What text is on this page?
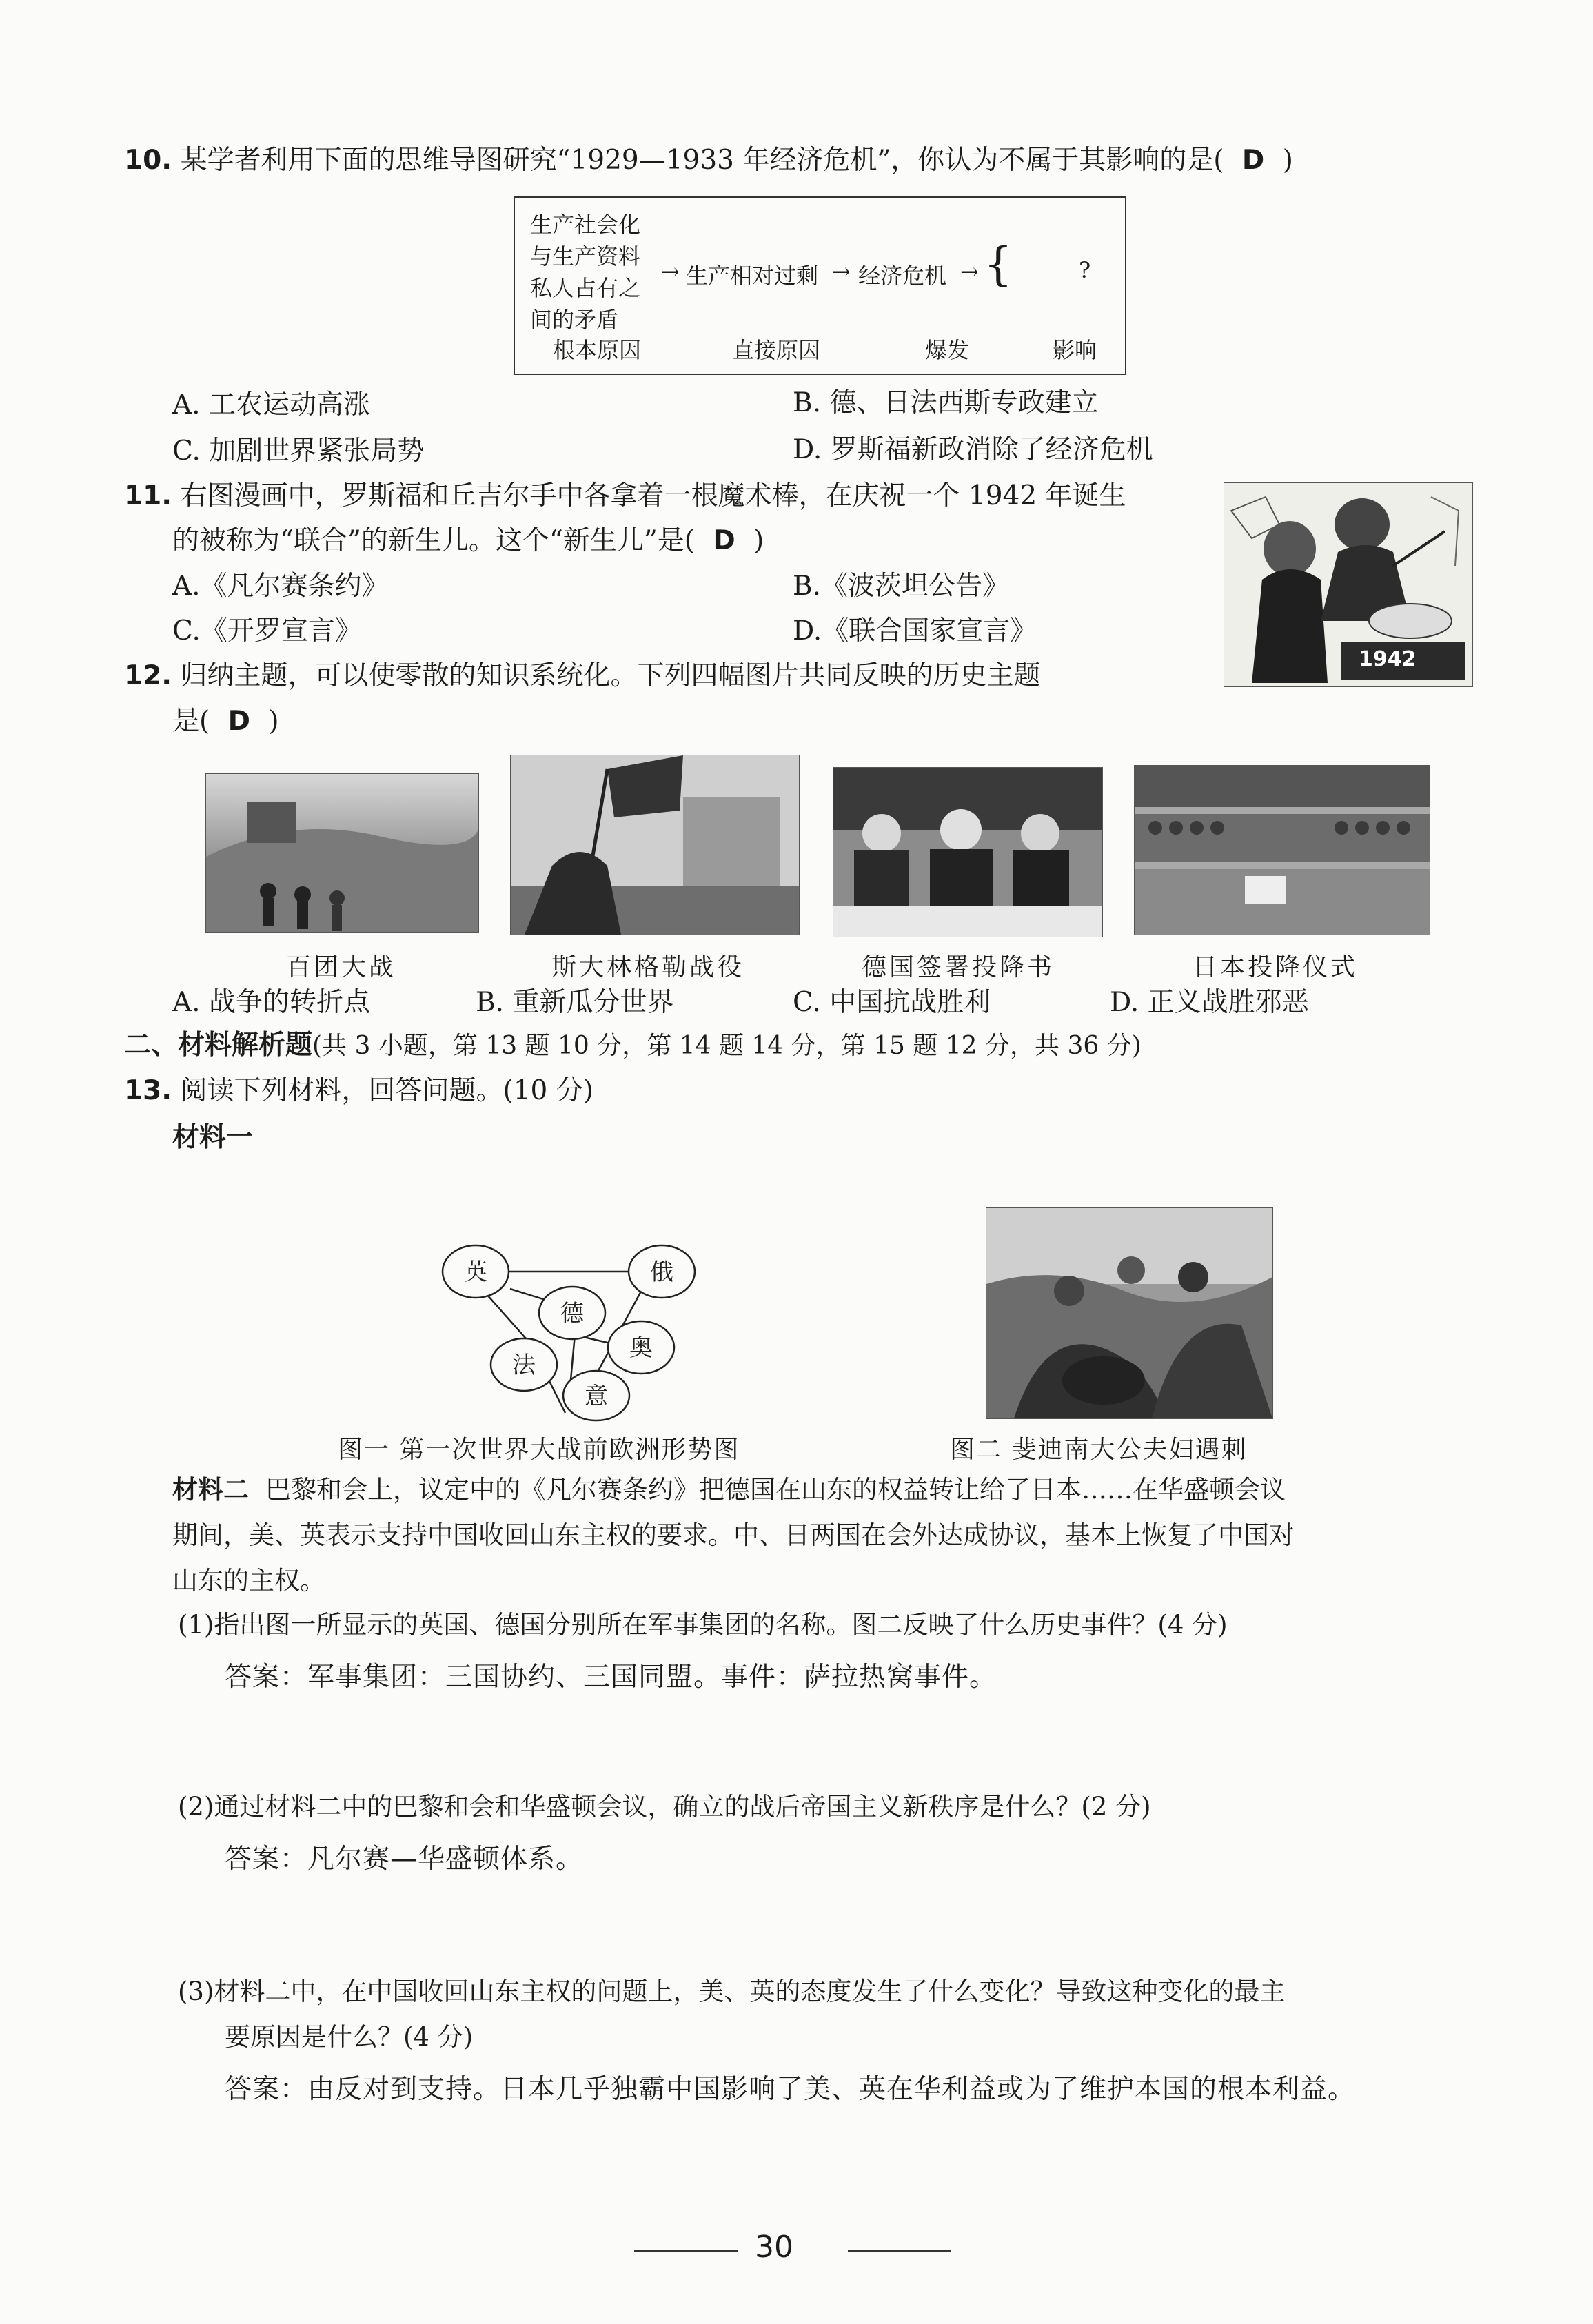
10. 某学者利用下面的思维导图研究“1929—1933 年经济危机”，你认为不属于其影响的是( D )
生产社会化
与生产资料
私人占有之
间的矛盾
→ 生产相对过剩 → 经济危机 → {	?
根本原因	直接原因	爆发	影响
A. 工农运动高涨	B. 德、日法西斯专政建立
C. 加剧世界紧张局势	D. 罗斯福新政消除了经济危机
11. 右图漫画中，罗斯福和丘吉尔手中各拿着一根魔术棒，在庆祝一个 1942 年诞生
的被称为“联合”的新生儿。这个“新生儿”是( D )
A.《凡尔赛条约》	B.《波茨坦公告》
C.《开罗宣言》	D.《联合国家宣言》
1942
12. 归纳主题，可以使零散的知识系统化。下列四幅图片共同反映的历史主题
是( D )
百团大战	斯大林格勒战役	德国签署投降书	日本投降仪式
A. 战争的转折点	B. 重新瓜分世界	C. 中国抗战胜利	D. 正义战胜邪恶
二、材料解析题(共 3 小题，第 13 题 10 分，第 14 题 14 分，第 15 题 12 分，共 36 分)
13. 阅读下列材料，回答问题。(10 分)
材料一
英	俄
德
奥
法
意
图一 第一次世界大战前欧洲形势图	图二 斐迪南大公夫妇遇刺
材料二 巴黎和会上，议定中的《凡尔赛条约》把德国在山东的权益转让给了日本……在华盛顿会议
期间，美、英表示支持中国收回山东主权的要求。中、日两国在会外达成协议，基本上恢复了中国对
山东的主权。
(1)指出图一所显示的英国、德国分别所在军事集团的名称。图二反映了什么历史事件？(4 分)
答案：军事集团：三国协约、三国同盟。事件：萨拉热窝事件。
(2)通过材料二中的巴黎和会和华盛顿会议，确立的战后帝国主义新秩序是什么？(2 分)
答案：凡尔赛—华盛顿体系。
(3)材料二中，在中国收回山东主权的问题上，美、英的态度发生了什么变化？导致这种变化的最主
要原因是什么？(4 分)
答案：由反对到支持。日本几乎独霸中国影响了美、英在华利益或为了维护本国的根本利益。
30
